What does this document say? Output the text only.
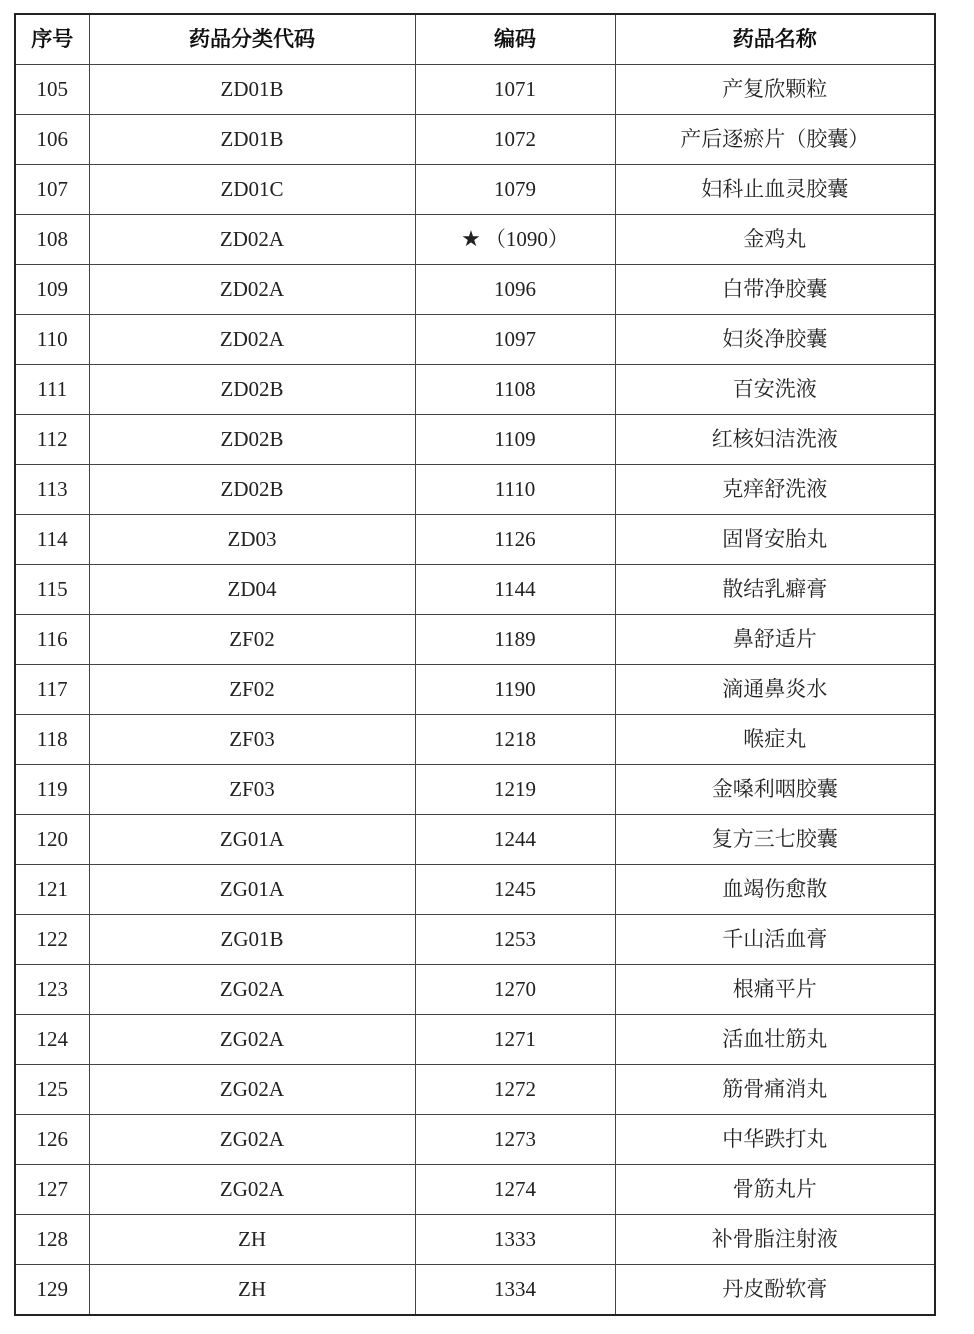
序号	药品分类代码	编码	药品名称
105	ZD01B	1071	产复欣颗粒
106	ZD01B	1072	产后逐瘀片（胶囊）
107	ZD01C	1079	妇科止血灵胶囊
108	ZD02A	★ （1090）	金鸡丸
109	ZD02A	1096	白带净胶囊
110	ZD02A	1097	妇炎净胶囊
111	ZD02B	1108	百安洗液
112	ZD02B	1109	红核妇洁洗液
113	ZD02B	1110	克痒舒洗液
114	ZD03	1126	固肾安胎丸
115	ZD04	1144	散结乳癖膏
116	ZF02	1189	鼻舒适片
117	ZF02	1190	滴通鼻炎水
118	ZF03	1218	喉症丸
119	ZF03	1219	金嗓利咽胶囊
120	ZG01A	1244	复方三七胶囊
121	ZG01A	1245	血竭伤愈散
122	ZG01B	1253	千山活血膏
123	ZG02A	1270	根痛平片
124	ZG02A	1271	活血壮筋丸
125	ZG02A	1272	筋骨痛消丸
126	ZG02A	1273	中华跌打丸
127	ZG02A	1274	骨筋丸片
128	ZH	1333	补骨脂注射液
129	ZH	1334	丹皮酚软膏
